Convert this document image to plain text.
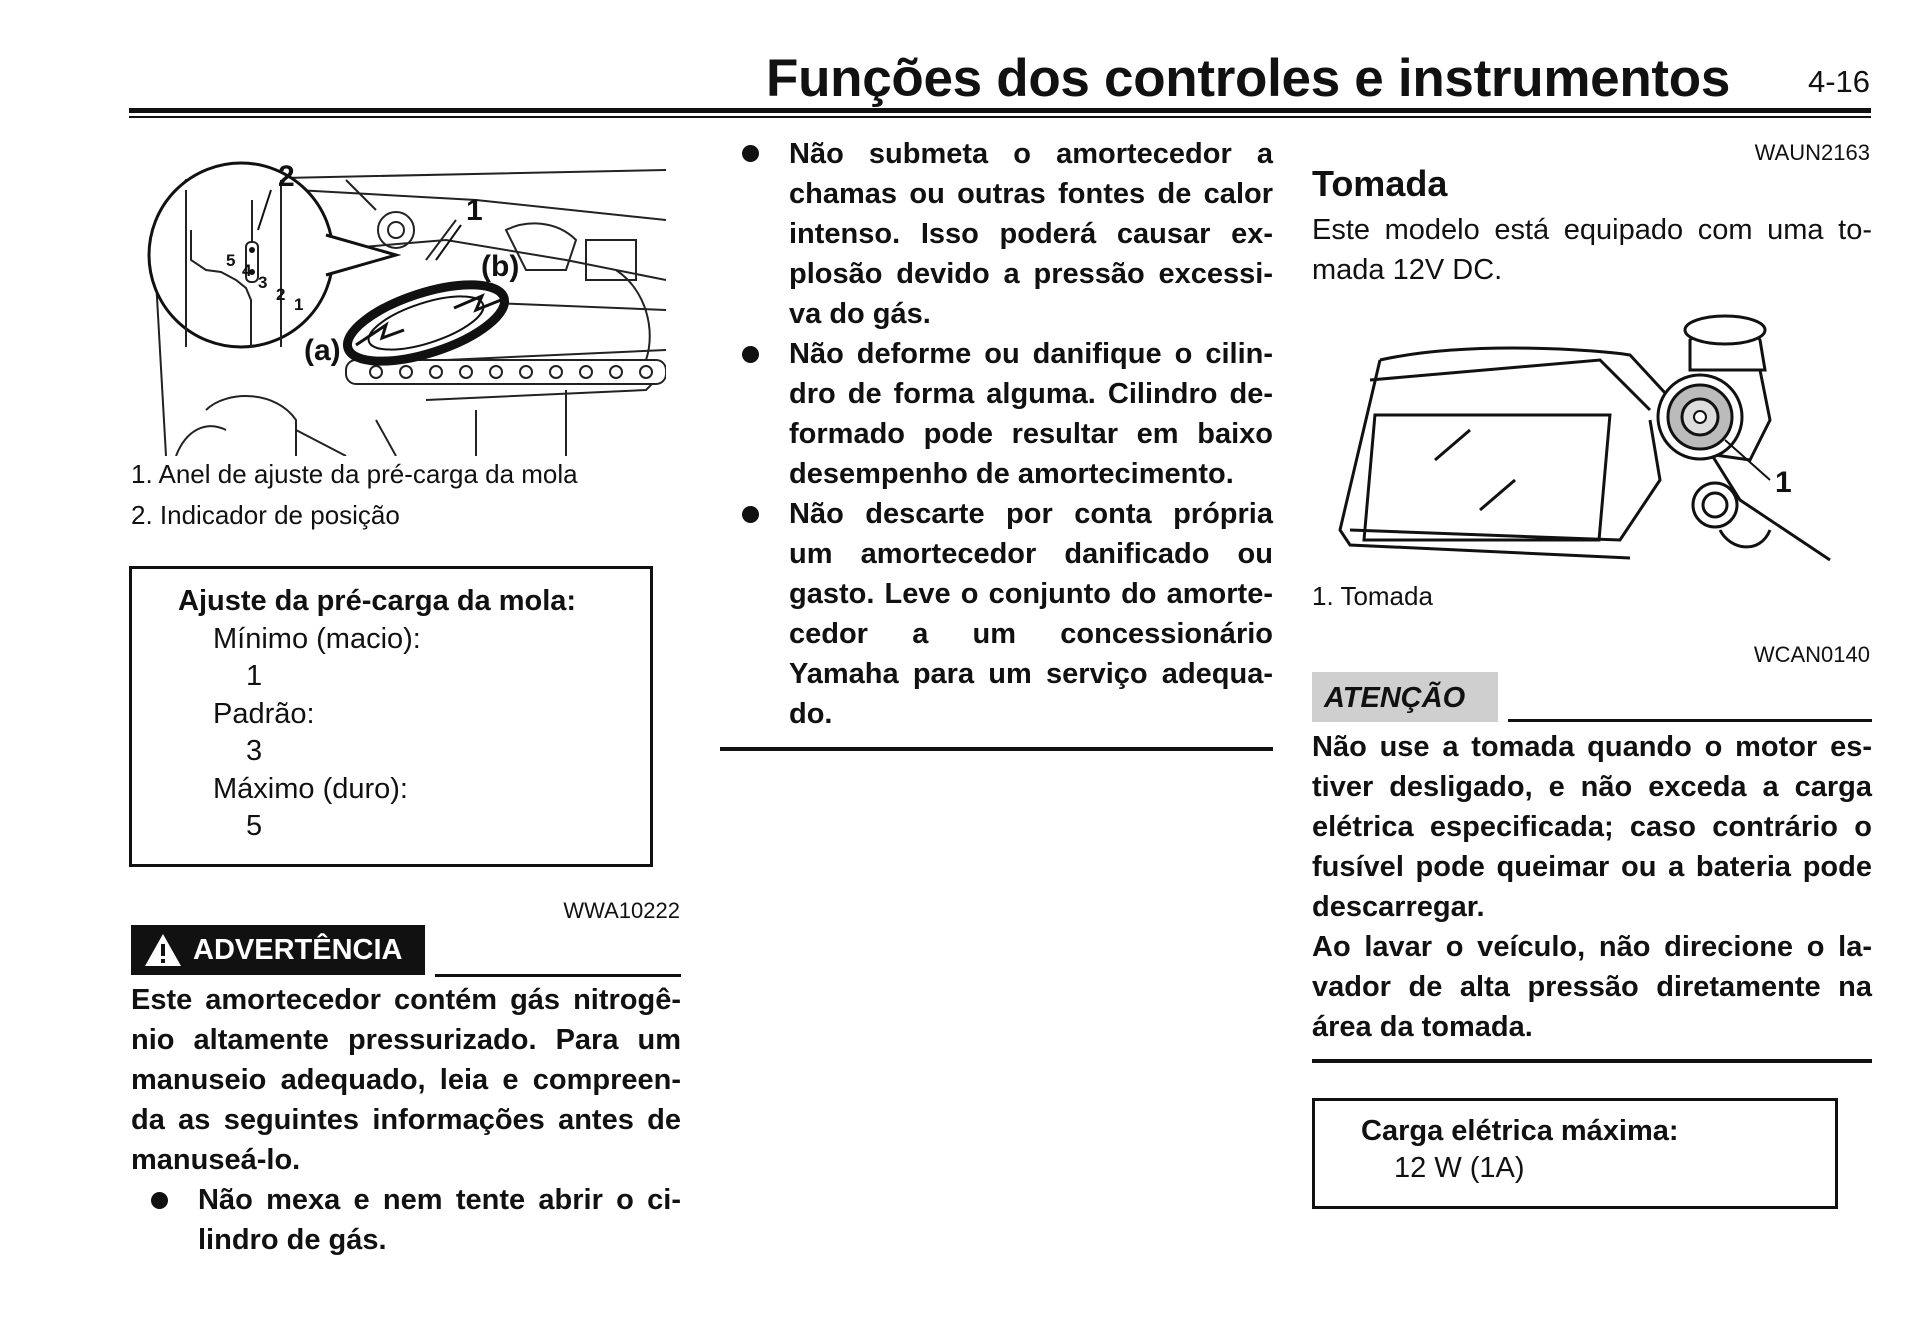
Funções dos controles e instrumentos	4-16
2
1
(b)
(a)
5
4
3
2
1
1. Anel de ajuste da pré-carga da mola
2. Indicador de posição
Ajuste da pré-carga da mola:
Mínimo (macio):
1
Padrão:
3
Máximo (duro):
5
WWA10222
ADVERTÊNCIA
Este amortecedor contém gás nitrogê-
nio altamente pressurizado. Para um
manuseio adequado, leia e compreen-
da as seguintes informações antes de
manuseá-lo.
Não mexa e nem tente abrir o ci-
lindro de gás.
Não submeta o amortecedor a
chamas ou outras fontes de calor
intenso. Isso poderá causar ex-
plosão devido a pressão excessi-
va do gás.
Não deforme ou danifique o cilin-
dro de forma alguma. Cilindro de-
formado pode resultar em baixo
desempenho de amortecimento.
Não descarte por conta própria
um amortecedor danificado ou
gasto. Leve o conjunto do amorte-
cedor a um concessionário
Yamaha para um serviço adequa-
do.
WAUN2163
Tomada
Este modelo está equipado com uma to-
mada 12V DC.
1
1. Tomada
WCAN0140
ATENÇÃO
Não use a tomada quando o motor es-
tiver desligado, e não exceda a carga
elétrica especificada; caso contrário o
fusível pode queimar ou a bateria pode
descarregar.
Ao lavar o veículo, não direcione o la-
vador de alta pressão diretamente na
área da tomada.
Carga elétrica máxima:
12 W (1A)
